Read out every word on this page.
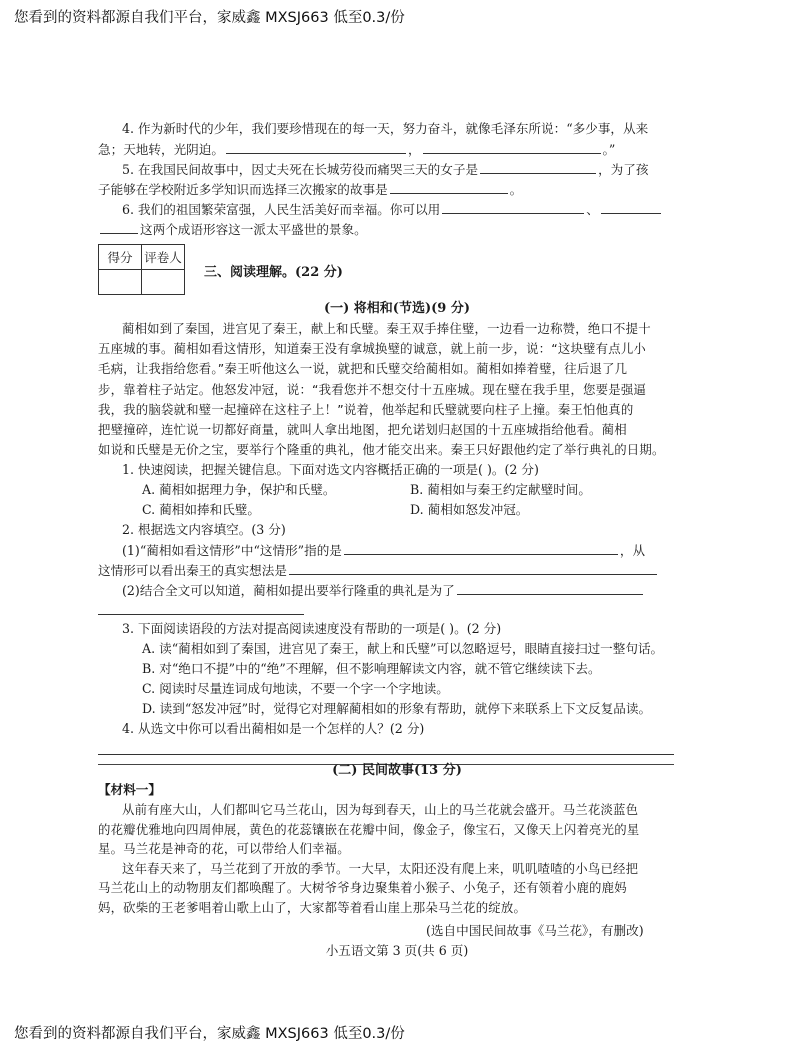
您看到的资料都源自我们平台，家威鑫 MXSJ663 低至0.3/份
4. 作为新时代的少年，我们要珍惜现在的每一天，努力奋斗，就像毛泽东所说：“多少事，从来
急；天地转，光阴迫。	，	。”
5. 在我国民间故事中，因丈夫死在长城劳役而痛哭三天的女子是	，为了孩
子能够在学校附近多学知识而选择三次搬家的故事是	。
6. 我们的祖国繁荣富强，人民生活美好而幸福。你可以用	、
这两个成语形容这一派太平盛世的景象。
得分	评卷人

三、阅读理解。(22 分)
(一) 将相和(节选)(9 分)
蔺相如到了秦国，进宫见了秦王，献上和氏璧。秦王双手捧住璧，一边看一边称赞，绝口不提十
五座城的事。蔺相如看这情形，知道秦王没有拿城换璧的诚意，就上前一步，说：“这块璧有点儿小
毛病，让我指给您看。”秦王听他这么一说，就把和氏璧交给蔺相如。蔺相如捧着璧，往后退了几
步，靠着柱子站定。他怒发冲冠，说：“我看您并不想交付十五座城。现在璧在我手里，您要是强逼
我，我的脑袋就和璧一起撞碎在这柱子上！”说着，他举起和氏璧就要向柱子上撞。秦王怕他真的
把璧撞碎，连忙说一切都好商量，就叫人拿出地图，把允诺划归赵国的十五座城指给他看。蔺相
如说和氏璧是无价之宝，要举行个隆重的典礼，他才能交出来。秦王只好跟他约定了举行典礼的日期。
1. 快速阅读，把握关键信息。下面对选文内容概括正确的一项是( )。(2 分)
A. 蔺相如据理力争，保护和氏璧。	B. 蔺相如与秦王约定献璧时间。
C. 蔺相如捧和氏璧。	D. 蔺相如怒发冲冠。
2. 根据选文内容填空。(3 分)
(1)“蔺相如看这情形”中“这情形”指的是	，从
这情形可以看出秦王的真实想法是
(2)结合全文可以知道，蔺相如提出要举行隆重的典礼是为了
3. 下面阅读语段的方法对提高阅读速度没有帮助的一项是( )。(2 分)
A. 读“蔺相如到了秦国，进宫见了秦王，献上和氏璧”可以忽略逗号，眼睛直接扫过一整句话。
B. 对“绝口不提”中的“绝”不理解，但不影响理解读文内容，就不管它继续读下去。
C. 阅读时尽量连词成句地读，不要一个字一个字地读。
D. 读到“怒发冲冠”时，觉得它对理解蔺相如的形象有帮助，就停下来联系上下文反复品读。
4. 从选文中你可以看出蔺相如是一个怎样的人？(2 分)
(二) 民间故事(13 分)
【材料一】
从前有座大山，人们都叫它马兰花山，因为每到春天，山上的马兰花就会盛开。马兰花淡蓝色
的花瓣优雅地向四周伸展，黄色的花蕊镶嵌在花瓣中间，像金子，像宝石，又像天上闪着亮光的星
星。马兰花是神奇的花，可以带给人们幸福。
这年春天来了，马兰花到了开放的季节。一大早，太阳还没有爬上来，叽叽喳喳的小鸟已经把
马兰花山上的动物朋友们都唤醒了。大树爷爷身边聚集着小猴子、小兔子，还有领着小鹿的鹿妈
妈，砍柴的王老爹唱着山歌上山了，大家都等着看山崖上那朵马兰花的绽放。
(选自中国民间故事《马兰花》，有删改)
小五语文第 3 页(共 6 页)
您看到的资料都源自我们平台，家威鑫 MXSJ663 低至0.3/份
